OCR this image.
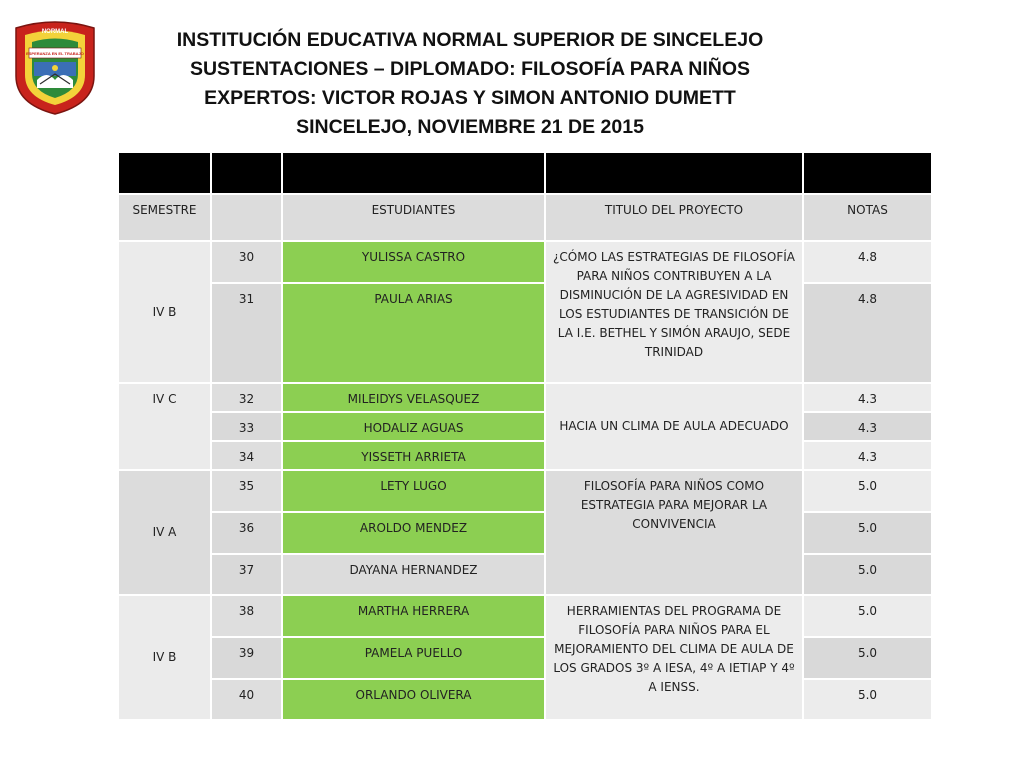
NORMAL
ESPERANZA EN EL TRABAJO
INSTITUCIÓN EDUCATIVA NORMAL SUPERIOR DE SINCELEJO
SUSTENTACIONES – DIPLOMADO: FILOSOFÍA PARA NIÑOS
EXPERTOS: VICTOR ROJAS Y SIMON ANTONIO DUMETT
SINCELEJO, NOVIEMBRE 21 DE 2015

SEMESTRE		ESTUDIANTES	TITULO DEL PROYECTO	NOTAS
IV B	30	YULISSA CASTRO	¿CÓMO LAS ESTRATEGIAS DE FILOSOFÍA PARA NIÑOS CONTRIBUYEN A LA DISMINUCIÓN DE LA AGRESIVIDAD EN LOS ESTUDIANTES DE TRANSICIÓN DE LA I.E. BETHEL Y SIMÓN ARAUJO, SEDE TRINIDAD	4.8
	31	PAULA ARIAS		4.8
IV C	32	MILEIDYS VELASQUEZ	HACIA UN CLIMA DE AULA ADECUADO	4.3
	33	HODALIZ AGUAS		4.3
	34	YISSETH ARRIETA		4.3
IV A	35	LETY LUGO	FILOSOFÍA PARA NIÑOS COMO ESTRATEGIA PARA MEJORAR LA CONVIVENCIA	5.0
	36	AROLDO MENDEZ		5.0
	37	DAYANA HERNANDEZ		5.0
IV B	38	MARTHA HERRERA	HERRAMIENTAS DEL PROGRAMA DE FILOSOFÍA PARA NIÑOS PARA EL MEJORAMIENTO DEL CLIMA DE AULA DE LOS GRADOS 3º A IESA, 4º A IETIAP Y 4º A IENSS.	5.0
	39	PAMELA PUELLO		5.0
	40	ORLANDO OLIVERA		5.0
